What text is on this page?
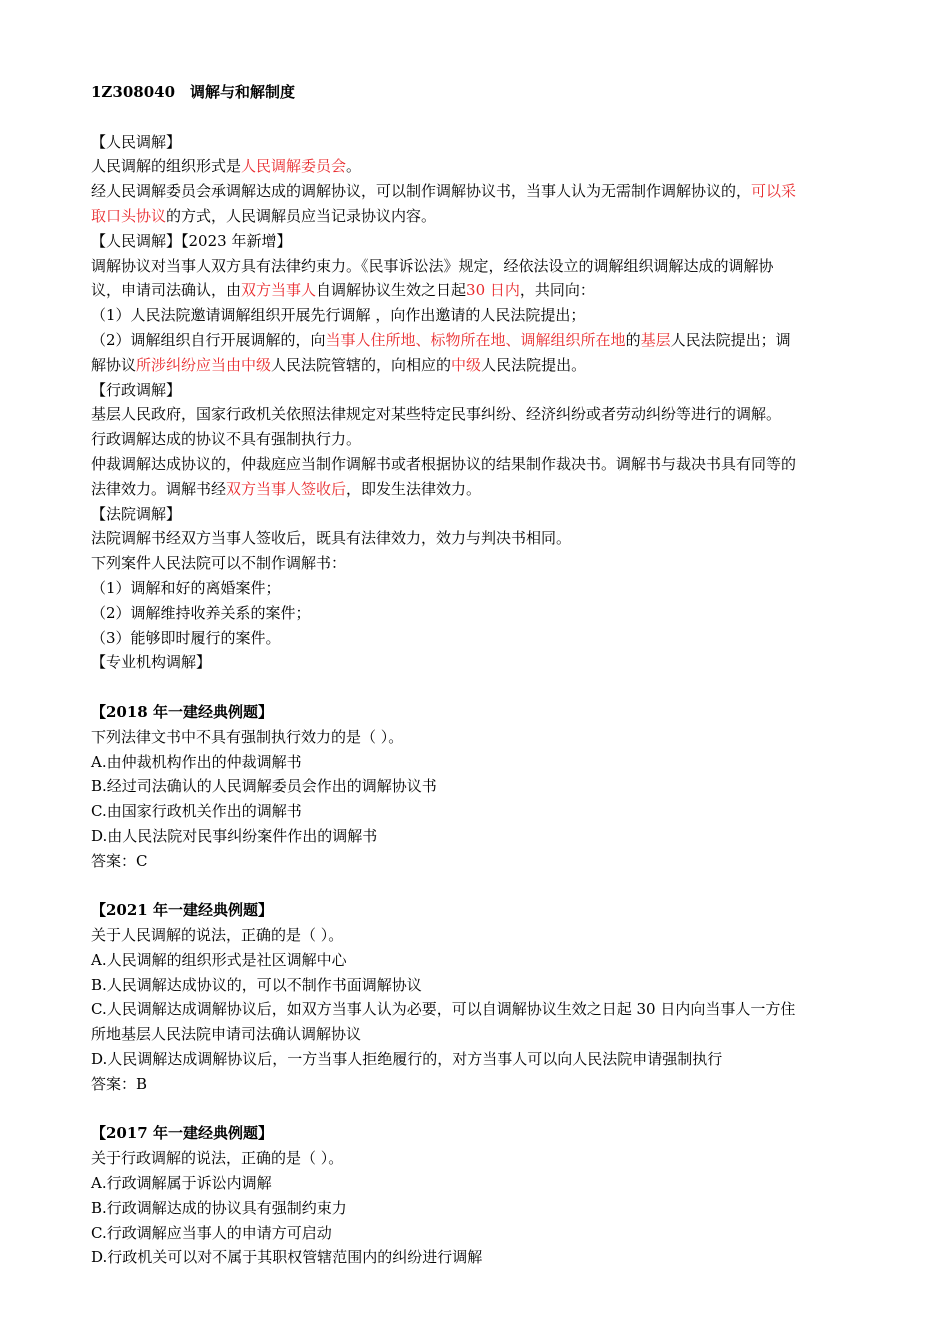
1Z308040　调解与和解制度
【人民调解】
人民调解的组织形式是人民调解委员会。
经人民调解委员会承调解达成的调解协议，可以制作调解协议书，当事人认为无需制作调解协议的，可以采
取口头协议的方式，人民调解员应当记录协议内容。
【人民调解】【2023 年新增】
调解协议对当事人双方具有法律约束力。《民事诉讼法》规定，经依法设立的调解组织调解达成的调解协
议，申请司法确认，由双方当事人自调解协议生效之日起30 日内，共同向：
（1）人民法院邀请调解组织开展先行调解 ，向作出邀请的人民法院提出；
（2）调解组织自行开展调解的，向当事人住所地、标物所在地、调解组织所在地的基层人民法院提出；调
解协议所涉纠纷应当由中级人民法院管辖的，向相应的中级人民法院提出。
【行政调解】
基层人民政府，国家行政机关依照法律规定对某些特定民事纠纷、经济纠纷或者劳动纠纷等进行的调解。
行政调解达成的协议不具有强制执行力。
仲裁调解达成协议的，仲裁庭应当制作调解书或者根据协议的结果制作裁决书。调解书与裁决书具有同等的
法律效力。调解书经双方当事人签收后，即发生法律效力。
【法院调解】
法院调解书经双方当事人签收后，既具有法律效力，效力与判决书相同。
下列案件人民法院可以不制作调解书：
（1）调解和好的离婚案件；
（2）调解维持收养关系的案件；
（3）能够即时履行的案件。
【专业机构调解】
【2018 年一建经典例题】
下列法律文书中不具有强制执行效力的是（ ）。
A.由仲裁机构作出的仲裁调解书
B.经过司法确认的人民调解委员会作出的调解协议书
C.由国家行政机关作出的调解书
D.由人民法院对民事纠纷案件作出的调解书
答案：C
【2021 年一建经典例题】
关于人民调解的说法，正确的是（ ）。
A.人民调解的组织形式是社区调解中心
B.人民调解达成协议的，可以不制作书面调解协议
C.人民调解达成调解协议后，如双方当事人认为必要，可以自调解协议生效之日起 30 日内向当事人一方住
所地基层人民法院申请司法确认调解协议
D.人民调解达成调解协议后，一方当事人拒绝履行的，对方当事人可以向人民法院申请强制执行
答案：B
【2017 年一建经典例题】
关于行政调解的说法，正确的是（ ）。
A.行政调解属于诉讼内调解
B.行政调解达成的协议具有强制约束力
C.行政调解应当事人的申请方可启动
D.行政机关可以对不属于其职权管辖范围内的纠纷进行调解
